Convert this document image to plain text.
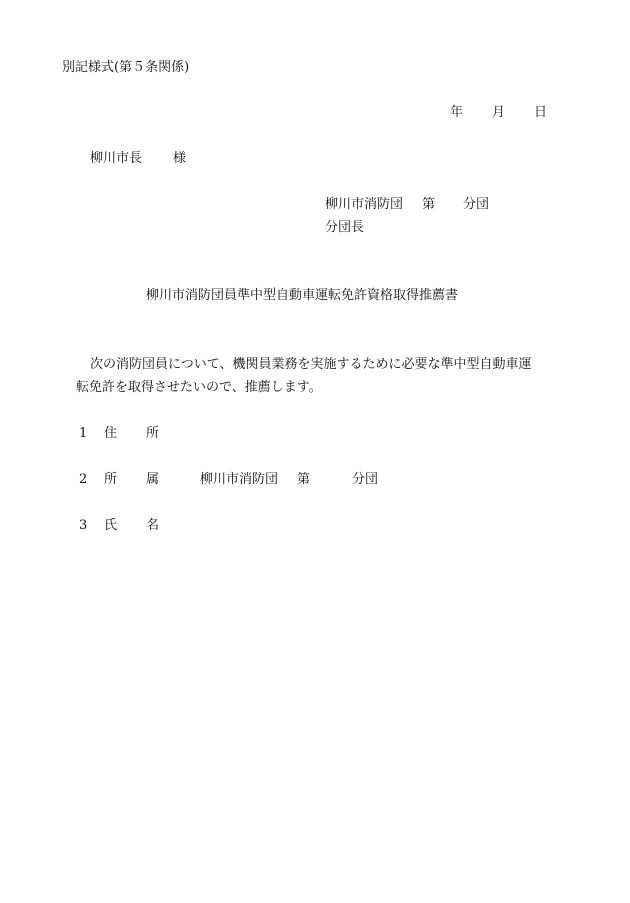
別記様式(第５条関係)
年 月 日
柳川市長 様
柳川市消防団 第 分団
分団長
柳川市消防団員準中型自動車運転免許資格取得推薦書
次の消防団員について、機関員業務を実施するために必要な準中型自動車運
転免許を取得させたいので、推薦します。
1 住 所
2 所 属	柳川市消防団 第	分団
3 氏 名
